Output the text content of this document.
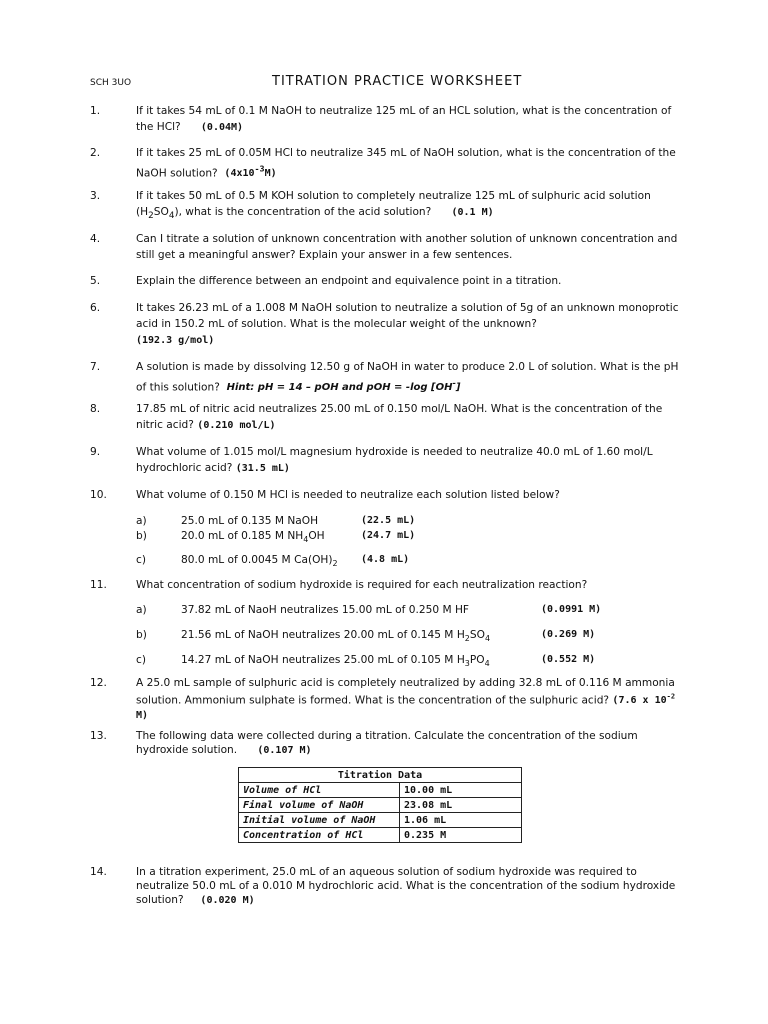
SCH 3UO	TITRATION PRACTICE WORKSHEET
1.	If it takes 54 mL of 0.1 M NaOH to neutralize 125 mL of an HCL solution, what is the concentration of the HCl? (0.04M)
2.	If it takes 25 mL of 0.05M HCl to neutralize 345 mL of NaOH solution, what is the concentration of the NaOH solution? $(4x10^{-3}M)$
3.	If it takes 50 mL of 0.5 M KOH solution to completely neutralize 125 mL of sulphuric acid solution $(H_2SO_4)$, what is the concentration of the acid solution? (0.1 M)
4.	Can I titrate a solution of unknown concentration with another solution of unknown concentration and still get a meaningful answer? Explain your answer in a few sentences.
5.	Explain the difference between an endpoint and equivalence point in a titration.
6.	It takes 26.23 mL of a 1.008 M NaOH solution to neutralize a solution of 5g of an unknown monoprotic acid in 150.2 mL of solution. What is the molecular weight of the unknown?
(192.3 g/mol)
7.	A solution is made by dissolving 12.50 g of NaOH in water to produce 2.0 L of solution. What is the pH of this solution? Hint: pH = 14 – pOH and pOH = -log [OH-]
8.	17.85 mL of nitric acid neutralizes 25.00 mL of 0.150 mol/L NaOH. What is the concentration of the nitric acid? (0.210 mol/L)
9.	What volume of 1.015 mol/L magnesium hydroxide is needed to neutralize 40.0 mL of 1.60 mol/L hydrochloric acid? (31.5 mL)
10.	What volume of 0.150 M HCl is needed to neutralize each solution listed below?
a)	25.0 mL of 0.135 M NaOH	(22.5 mL)
b)	20.0 mL of 0.185 M $NH_4OH$	(24.7 mL)
c)	80.0 mL of 0.0045 M $Ca(OH)_2$ (4.8 mL)
11.	What concentration of sodium hydroxide is required for each neutralization reaction?
a)	37.82 mL of NaoH neutralizes 15.00 mL of 0.250 M HF	(0.0991 M)
b)	21.56 mL of NaOH neutralizes 20.00 mL of 0.145 M $H_2SO_4$	(0.269 M)
c)	14.27 mL of NaOH neutralizes 25.00 mL of 0.105 M $H_3PO_4$	(0.552 M)
12.	A 25.0 mL sample of sulphuric acid is completely neutralized by adding 32.8 mL of 0.116 M ammonia solution. Ammonium sulphate is formed. What is the concentration of the sulphuric acid? (7.6 x $10^{-2}$ M)
13.	The following data were collected during a titration. Calculate the concentration of the sodium hydroxide solution. (0.107 M)
Titration Data	
Volume of HCl	10.00 mL
Final volume of NaOH	23.08 mL
Initial volume of NaOH	1.06 mL
Concentration of HCl	0.235 M
14.	In a titration experiment, 25.0 mL of an aqueous solution of sodium hydroxide was required to neutralize 50.0 mL of a 0.010 M hydrochloric acid. What is the concentration of the sodium hydroxide solution? (0.020 M)
